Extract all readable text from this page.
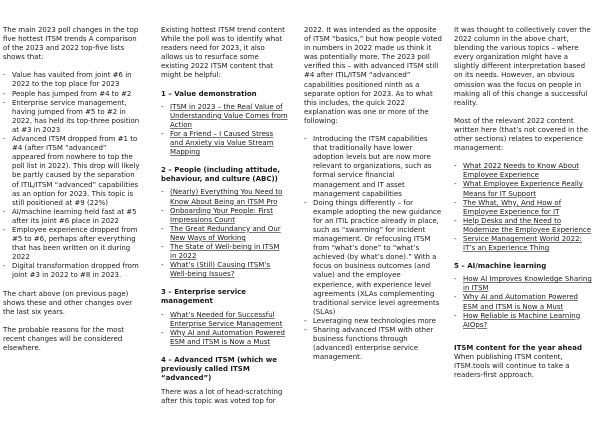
The main 2023 poll changes in the top five hottest ITSM trends A comparison of the 2023 and 2022 top-five lists shows that:

- Value has vaulted from joint #6 in 2022 to the top place for 2023
- People has jumped from #4 to #2
- Enterprise service management, having jumped from #5 to #2 in 2022, has held its top-three position at #3 in 2023
- Advanced ITSM dropped from #1 to #4 (after ITSM “advanced” appeared from nowhere to top the poll list in 2022). This drop will likely be partly caused by the separation of ITIL/ITSM “advanced” capabilities as an option for 2023. This topic is still positioned at #9 (22%)
- AI/machine learning held fast at #5 after its joint #6 place in 2022
- Employee experience dropped from #5 to #6, perhaps after everything that has been written on it during 2022
- Digital transformation dropped from joint #3 in 2022 to #8 in 2023.

The chart above (on previous page) shows these and other changes over the last six years.

The probable reasons for the most recent changes will be considered elsewhere.

Existing hottest ITSM trend content While the poll was to identify what readers need for 2023, it also allows us to resurface some existing 2022 ITSM content that might be helpful:

1 – Value demonstration

- ITSM in 2023 – the Real Value of Understanding Value Comes from Action
- For a Friend – I Caused Stress and Anxiety via Value Stream Mapping

2 – People (including attitude, behaviour, and culture (ABC))

- (Nearly) Everything You Need to Know About Being an ITSM Pro
- Onboarding Your People: First Impressions Count
- The Great Redundancy and Our New Ways of Working
- The State of Well-being in ITSM in 2022
- What’s (Still) Causing ITSM’s Well-being Issues?

3 – Enterprise service management

- What’s Needed for Successful Enterprise Service Management
- Why AI and Automation Powered ESM and ITSM is Now a Must

4 – Advanced ITSM (which we previously called ITSM “advanced”)

There was a lot of head-scratching after this topic was voted top for

2022. It was intended as the opposite of ITSM “basics,” but how people voted in numbers in 2022 made us think it was potentially more. The 2023 poll verified this – with advanced ITSM still #4 after ITIL/ITSM “advanced” capabilities positioned ninth as a separate option for 2023. As to what this includes, the quick 2022 explanation was one or more of the following:

- Introducing the ITSM capabilities that traditionally have lower adoption levels but are now more relevant to organizations, such as formal service financial management and IT asset management capabilities
- Doing things differently – for example adopting the new guidance for an ITIL practice already in place, such as “swarming” for incident management. Or refocusing ITSM from “what’s done” to “what’s achieved (by what’s done).” With a focus on business outcomes (and value) and the employee experience, with experience level agreements (XLAs complementing traditional service level agreements (SLAs)
- Leveraging new technologies more
- Sharing advanced ITSM with other business functions through (advanced) enterprise service management.

It was thought to collectively cover the 2022 column in the above chart, blending the various topics – where every organization might have a slightly different interpretation based on its needs. However, an obvious omission was the focus on people in making all of this change a successful reality.

Most of the relevant 2022 content written here (that’s not covered in the other sections) relates to experience management:

- What 2022 Needs to Know About Employee Experience
- What Employee Experience Really Means for IT Support
- The What, Why, And How of Employee Experience for IT
- Help Desks and the Need to Modernize the Employee Experience
- Service Management World 2022: IT’s an Experience Thing

5 – AI/machine learning

- How AI Improves Knowledge Sharing in ITSM
- Why AI and Automation Powered ESM and ITSM is Now a Must
- How Reliable is Machine Learning AIOps?

ITSM content for the year ahead

When publishing ITSM content, ITSM.tools will continue to take a readers-first approach.
